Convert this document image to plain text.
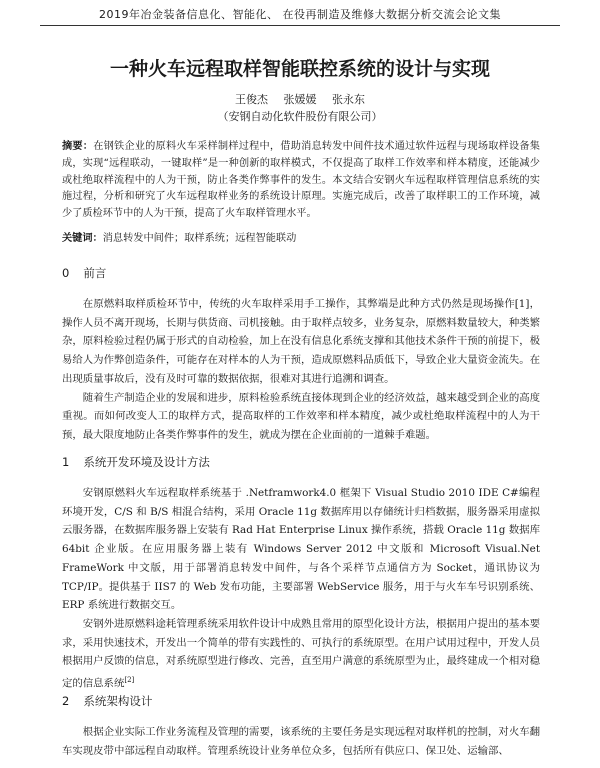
2019年冶金装备信息化、智能化、 在役再制造及维修大数据分析交流会论文集
一种火车远程取样智能联控系统的设计与实现
王俊杰 张媛媛 张永东
（安钢自动化软件股份有限公司）
摘要：在钢铁企业的原料火车采样制样过程中，借助消息转发中间件技术通过软件远程与现场取样设备集成，实现“远程联动，一键取样”是一种创新的取样模式，不仅提高了取样工作效率和样本精度，还能减少或杜绝取样流程中的人为干预，防止各类作弊事件的发生。本文结合安钢火车远程取样管理信息系统的实施过程，分析和研究了火车远程取样业务的系统设计原理。实施完成后，改善了取样职工的工作环境，减少了质检环节中的人为干预，提高了火车取样管理水平。
关键词：消息转发中间件；取样系统；远程智能联动
0 前言

在原燃料取样质检环节中，传统的火车取样采用手工操作，其弊端是此种方式仍然是现场操作[1]，操作人员不离开现场，长期与供货商、司机接触。由于取样点较多，业务复杂，原燃料数量较大，种类繁杂，原料检验过程仍属于形式的自动检验，加上在没有信息化系统支撑和其他技术条件干预的前提下，极易给人为作弊创造条件，可能存在对样本的人为干预，造成原燃料品质低下，导致企业大量资金流失。在出现质量事故后，没有及时可靠的数据依据，很难对其进行追溯和调查。

随着生产制造企业的发展和进步，原料检验系统直接体现到企业的经济效益，越来越受到企业的高度重视。而如何改变人工的取样方式，提高取样的工作效率和样本精度，减少或杜绝取样流程中的人为干预，最大限度地防止各类作弊事件的发生，就成为摆在企业面前的一道棘手难题。

1 系统开发环境及设计方法

安钢原燃料火车远程取样系统基于 .Netframwork4.0 框架下 Visual Studio 2010 IDE C#编程环境开发，C/S 和 B/S 相混合结构，采用 Oracle 11g 数据库用以存储统计归档数据，服务器采用虚拟云服务器，在数据库服务器上安装有 Rad Hat Enterprise Linux 操作系统，搭载 Oracle 11g 数据库 64bit 企业版。在应用服务器上装有 Windows Server 2012 中文版和 Microsoft Visual.Net FrameWork 中文版，用于部署消息转发中间件，与各个采样节点通信方为 Socket，通讯协议为 TCP/IP。提供基于 IIS7 的 Web 发布功能，主要部署 WebService 服务，用于与火车车号识别系统、ERP 系统进行数据交互。

安钢外进原燃料途耗管理系统采用软件设计中成熟且常用的原型化设计方法，根据用户提出的基本要求，采用快速技术，开发出一个简单的带有实践性的、可执行的系统原型。在用户试用过程中，开发人员根据用户反馈的信息，对系统原型进行修改、完善，直至用户满意的系统原型为止，最终建成一个相对稳定的信息系统[2]

2 系统架构设计

根据企业实际工作业务流程及管理的需要，该系统的主要任务是实现远程对取样机的控制，对火车翻车实现皮带中部远程自动取样。管理系统设计业务单位众多，包括所有供应口、保卫处、运输部、
